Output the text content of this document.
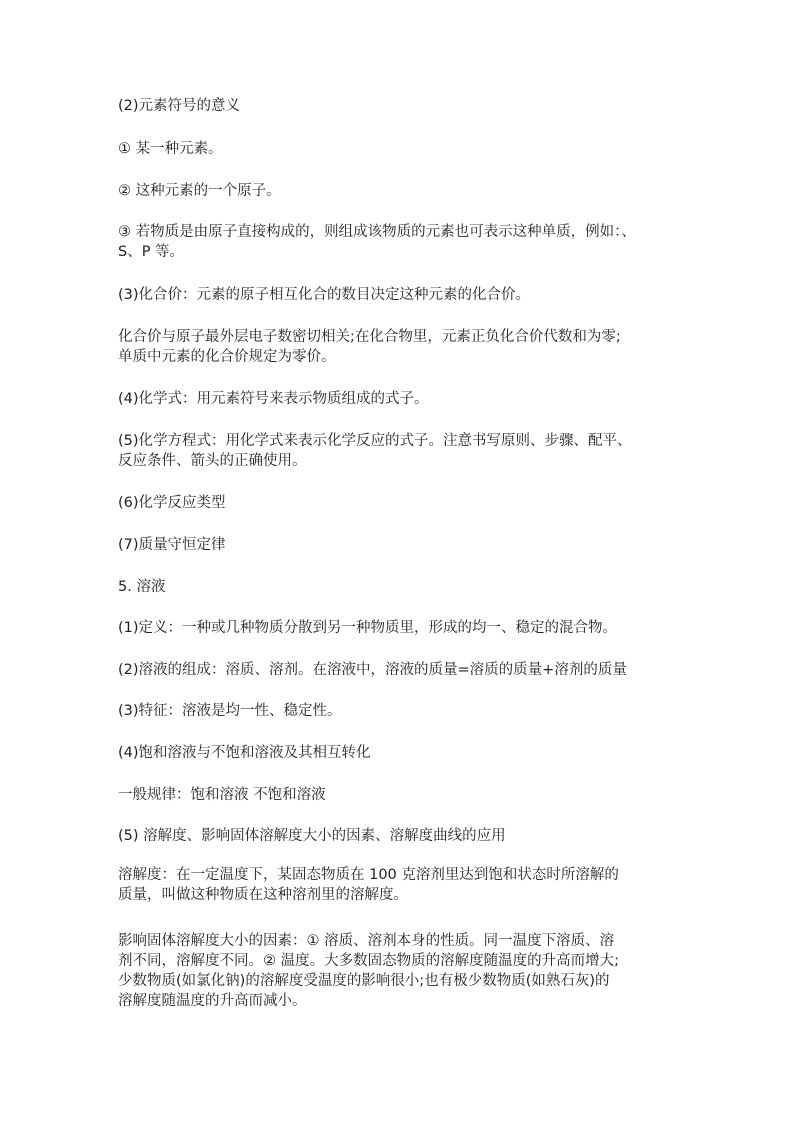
(2)元素符号的意义

① 某一种元素。

② 这种元素的一个原子。

③ 若物质是由原子直接构成的，则组成该物质的元素也可表示这种单质，例如：、
S、P 等。

(3)化合价：元素的原子相互化合的数目决定这种元素的化合价。

化合价与原子最外层电子数密切相关;在化合物里，元素正负化合价代数和为零;
单质中元素的化合价规定为零价。

(4)化学式：用元素符号来表示物质组成的式子。

(5)化学方程式：用化学式来表示化学反应的式子。注意书写原则、步骤、配平、
反应条件、箭头的正确使用。

(6)化学反应类型

(7)质量守恒定律

5. 溶液

(1)定义：一种或几种物质分散到另一种物质里，形成的均一、稳定的混合物。

(2)溶液的组成：溶质、溶剂。在溶液中，溶液的质量=溶质的质量+溶剂的质量

(3)特征：溶液是均一性、稳定性。

(4)饱和溶液与不饱和溶液及其相互转化

一般规律：饱和溶液 不饱和溶液

(5) 溶解度、影响固体溶解度大小的因素、溶解度曲线的应用

溶解度：在一定温度下，某固态物质在 100 克溶剂里达到饱和状态时所溶解的
质量，叫做这种物质在这种溶剂里的溶解度。

影响固体溶解度大小的因素：① 溶质、溶剂本身的性质。同一温度下溶质、溶
剂不同，溶解度不同。② 温度。大多数固态物质的溶解度随温度的升高而增大;
少数物质(如氯化钠)的溶解度受温度的影响很小;也有极少数物质(如熟石灰)的
溶解度随温度的升高而减小。
